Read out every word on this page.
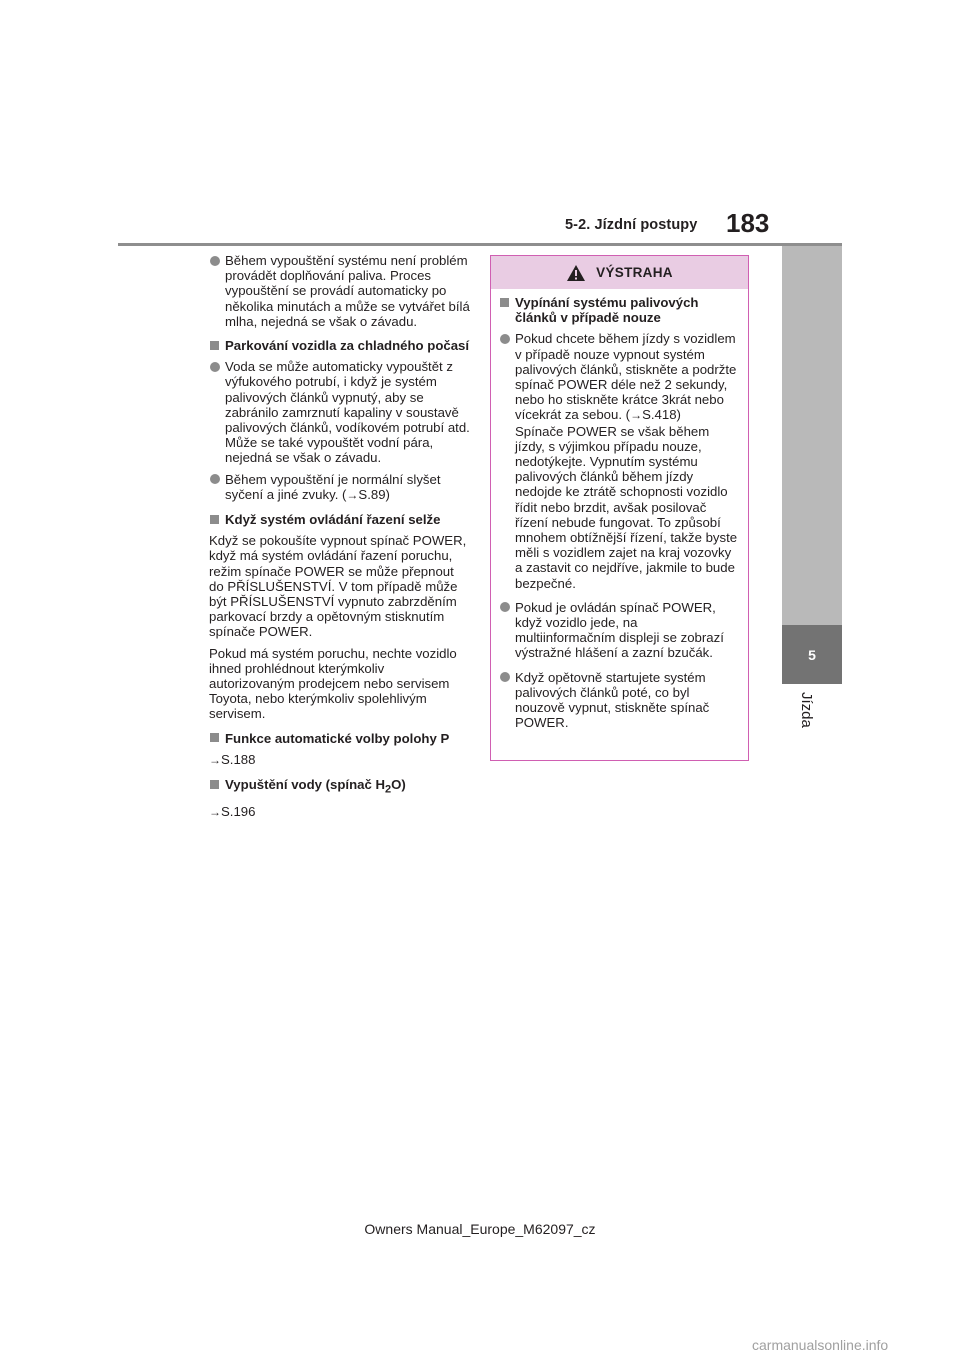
5-2. Jízdní postupy 183
5
Jízda
Během vypouštění systému není problém provádět doplňování paliva. Proces vypouštění se provádí automaticky po několika minutách a může se vytvářet bílá mlha, nejedná se však o závadu.
Parkování vozidla za chladného počasí
Voda se může automaticky vypouštět z výfukového potrubí, i když je systém palivových článků vypnutý, aby se zabránilo zamrznutí kapaliny v soustavě palivových článků, vodíkovém potrubí atd. Může se také vypouštět vodní pára, nejedná se však o závadu.
Během vypouštění je normální slyšet syčení a jiné zvuky. (→S.89)
Když systém ovládání řazení selže
Když se pokoušíte vypnout spínač POWER, když má systém ovládání řazení poruchu, režim spínače POWER se může přepnout do PŘÍSLUŠENSTVÍ. V tom případě může být PŘÍSLUŠENSTVÍ vypnuto zabrzděním parkovací brzdy a opětovným stisknutím spínače POWER.
Pokud má systém poruchu, nechte vozidlo ihned prohlédnout kterýmkoliv autorizovaným prodejcem nebo servisem Toyota, nebo kterýmkoliv spolehlivým servisem.
Funkce automatické volby polohy P
→S.188
Vypuštění vody (spínač $H_2O$)
→S.196
VÝSTRAHA
Vypínání systému palivových článků v případě nouze
Pokud chcete během jízdy s vozidlem v případě nouze vypnout systém palivových článků, stiskněte a podržte spínač POWER déle než 2 sekundy, nebo ho stiskněte krátce 3krát nebo vícekrát za sebou. (→S.418)
Spínače POWER se však během jízdy, s výjimkou případu nouze, nedotýkejte. Vypnutím systému palivových článků během jízdy nedojde ke ztrátě schopnosti vozidlo řídit nebo brzdit, avšak posilovač řízení nebude fungovat. To způsobí mnohem obtížnější řízení, takže byste měli s vozidlem zajet na kraj vozovky a zastavit co nejdříve, jakmile to bude bezpečné.
Pokud je ovládán spínač POWER, když vozidlo jede, na multiinformačním displeji se zobrazí výstražné hlášení a zazní bzučák.
Když opětovně startujete systém palivových článků poté, co byl nouzově vypnut, stiskněte spínač POWER.
Owners Manual_Europe_M62097_cz
carmanualsonline.info
